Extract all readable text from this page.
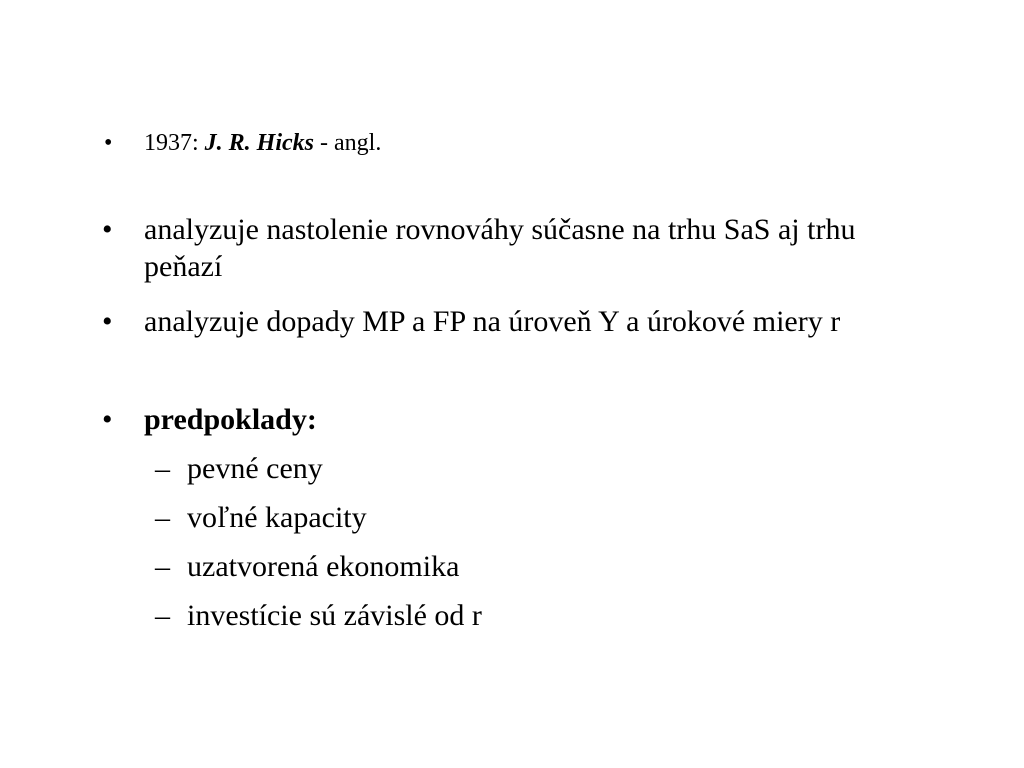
• 1937: J. R. Hicks - angl.
• analyzuje nastolenie rovnováhy súčasne na trhu SaS aj trhu
peňazí
• analyzuje dopady MP a FP na úroveň Y a úrokové miery r
• predpoklady:
– pevné ceny
– voľné kapacity
– uzatvorená ekonomika
– investície sú závislé od r
